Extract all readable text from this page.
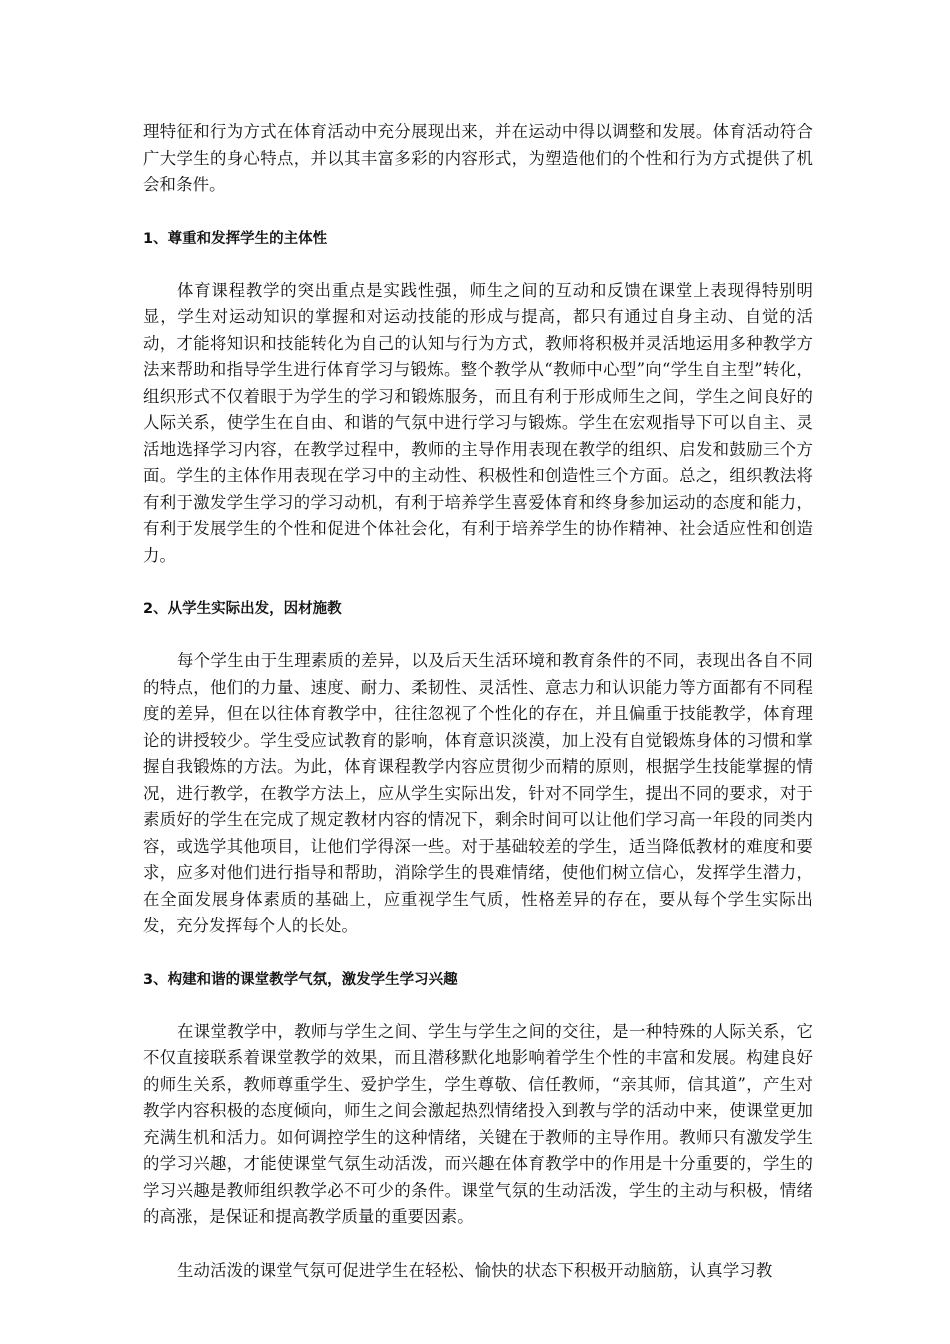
理特征和行为方式在体育活动中充分展现出来，并在运动中得以调整和发展。体育活动符合广大学生的身心特点，并以其丰富多彩的内容形式，为塑造他们的个性和行为方式提供了机会和条件。

1、尊重和发挥学生的主体性

体育课程教学的突出重点是实践性强，师生之间的互动和反馈在课堂上表现得特别明显，学生对运动知识的掌握和对运动技能的形成与提高，都只有通过自身主动、自觉的活动，才能将知识和技能转化为自己的认知与行为方式，教师将积极并灵活地运用多种教学方法来帮助和指导学生进行体育学习与锻炼。整个教学从“教师中心型”向“学生自主型”转化，组织形式不仅着眼于为学生的学习和锻炼服务，而且有利于形成师生之间，学生之间良好的人际关系，使学生在自由、和谐的气氛中进行学习与锻炼。学生在宏观指导下可以自主、灵活地选择学习内容，在教学过程中，教师的主导作用表现在教学的组织、启发和鼓励三个方面。学生的主体作用表现在学习中的主动性、积极性和创造性三个方面。总之，组织教法将有利于激发学生学习的学习动机，有利于培养学生喜爱体育和终身参加运动的态度和能力，有利于发展学生的个性和促进个体社会化，有利于培养学生的协作精神、社会适应性和创造力。

2、从学生实际出发，因材施教

每个学生由于生理素质的差异，以及后天生活环境和教育条件的不同，表现出各自不同的特点，他们的力量、速度、耐力、柔韧性、灵活性、意志力和认识能力等方面都有不同程度的差异，但在以往体育教学中，往往忽视了个性化的存在，并且偏重于技能教学，体育理论的讲授较少。学生受应试教育的影响，体育意识淡漠，加上没有自觉锻炼身体的习惯和掌握自我锻炼的方法。为此，体育课程教学内容应贯彻少而精的原则，根据学生技能掌握的情况，进行教学，在教学方法上，应从学生实际出发，针对不同学生，提出不同的要求，对于素质好的学生在完成了规定教材内容的情况下，剩余时间可以让他们学习高一年段的同类内容，或选学其他项目，让他们学得深一些。对于基础较差的学生，适当降低教材的难度和要求，应多对他们进行指导和帮助，消除学生的畏难情绪，使他们树立信心，发挥学生潜力，在全面发展身体素质的基础上，应重视学生气质，性格差异的存在，要从每个学生实际出发，充分发挥每个人的长处。

3、构建和谐的课堂教学气氛，激发学生学习兴趣

在课堂教学中，教师与学生之间、学生与学生之间的交往，是一种特殊的人际关系，它不仅直接联系着课堂教学的效果，而且潜移默化地影响着学生个性的丰富和发展。构建良好的师生关系，教师尊重学生、爱护学生，学生尊敬、信任教师，“亲其师，信其道”，产生对教学内容积极的态度倾向，师生之间会激起热烈情绪投入到教与学的活动中来，使课堂更加充满生机和活力。如何调控学生的这种情绪，关键在于教师的主导作用。教师只有激发学生的学习兴趣，才能使课堂气氛生动活泼，而兴趣在体育教学中的作用是十分重要的，学生的学习兴趣是教师组织教学必不可少的条件。课堂气氛的生动活泼，学生的主动与积极，情绪的高涨，是保证和提高教学质量的重要因素。

生动活泼的课堂气氛可促进学生在轻松、愉快的状态下积极开动脑筋，认真学习教
